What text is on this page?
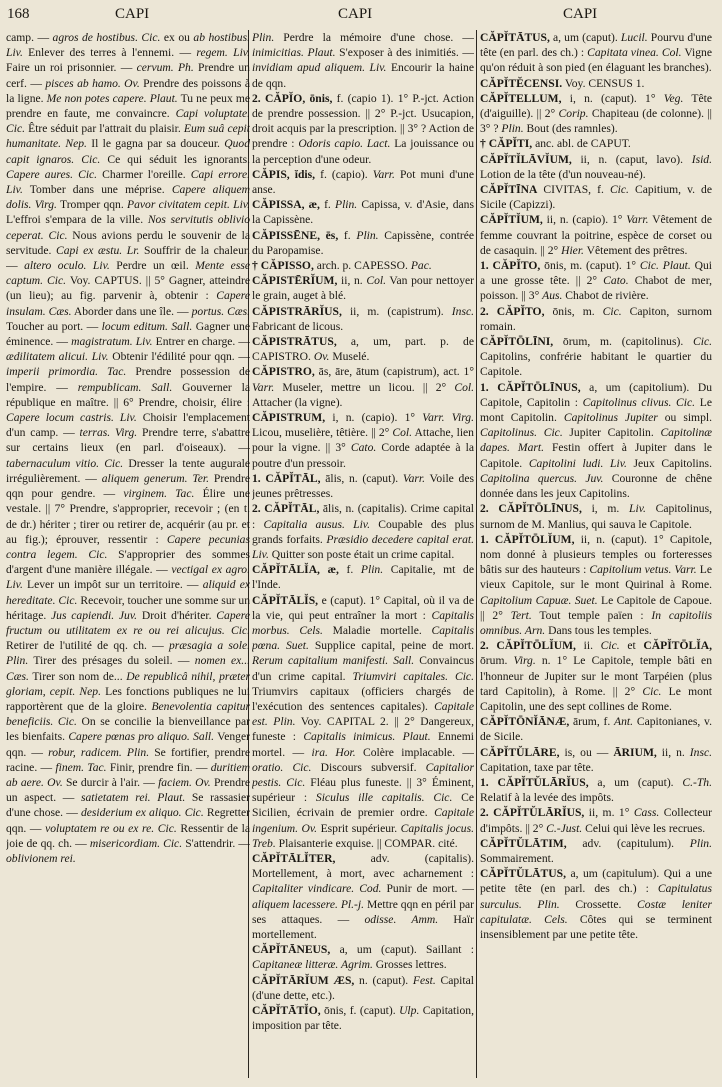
168	CAPI	CAPI	CAPI
camp. — agros de hostibus. Cic. ex ou ab hostibus. Liv. Enlever des terres à l'ennemi. — regem. Liv. Faire un roi prisonnier. — cervum. Ph. Prendre un cerf. — pisces ab hamo. Ov. Prendre des poissons à la ligne. Me non potes capere. Plaut. Tu ne peux me prendre en faute, me convaincre. Capi voluptate. Cic. Être séduit par l'attrait du plaisir. Eum suâ cepit humanitate. Nep. Il le gagna par sa douceur. Quod capit ignaros. Cic. Ce qui séduit les ignorants. Capere aures. Cic. Charmer l'oreille. Capi errore. Liv. Tomber dans une méprise. Capere aliquem dolis. Virg. Tromper qqn. Pavor civitatem cepit. Liv. L'effroi s'empara de la ville. Nos servitutis oblivio ceperat. Cic. Nous avions perdu le souvenir de la servitude. Capi ex æstu. Lr. Souffrir de la chaleur. — altero oculo. Liv. Perdre un œil. Mente esse captum. Cic. Voy. CAPTUS. || 5° Gagner, atteindre (un lieu); au fig. parvenir à, obtenir : Capere insulam. Cæs. Aborder dans une île. — portus. Cæs. Toucher au port. — locum editum. Sall. Gagner une éminence. — magistratum. Liv. Entrer en charge. — ædilitatem alicui. Liv. Obtenir l'édilité pour qqn. — imperii primordia. Tac. Prendre possession de l'empire. — rempublicam. Sall. Gouverner la république en maître. || 6° Prendre, choisir, élire : Capere locum castris. Liv. Choisir l'emplacement d'un camp. — terras. Virg. Prendre terre, s'abattre sur certains lieux (en parl. d'oiseaux). — tabernaculum vitio. Cic. Dresser la tente augurale irrégulièrement. — aliquem generum. Ter. Prendre qqn pour gendre. — virginem. Tac. Élire une vestale. || 7° Prendre, s'approprier, recevoir ; (en t. de dr.) hériter ; tirer ou retirer de, acquérir (au pr. et au fig.); éprouver, ressentir : Capere pecunias contra legem. Cic. S'approprier des sommes d'argent d'une manière illégale. — vectigal ex agro. Liv. Lever un impôt sur un territoire. — aliquid ex hereditate. Cic. Recevoir, toucher une somme sur un héritage. Jus capiendi. Juv. Droit d'hériter. Capere fructum ou utilitatem ex re ou rei alicujus. Cic. Retirer de l'utilité de qq. ch. — præsagia a sole. Plin. Tirer des présages du soleil. — nomen ex... Cæs. Tirer son nom de... De republicâ nihil, præter gloriam, cepit. Nep. Les fonctions publiques ne lui rapportèrent que de la gloire. Benevolentia capitur beneficiis. Cic. On se concilie la bienveillance par les bienfaits. Capere pœnas pro aliquo. Sall. Venger qqn. — robur, radicem. Plin. Se fortifier, prendre racine. — finem. Tac. Finir, prendre fin. — duritiem ab aere. Ov. Se durcir à l'air. — faciem. Ov. Prendre un aspect. — satietatem rei. Plaut. Se rassasier d'une chose. — desiderium ex aliquo. Cic. Regretter qqn. — voluptatem re ou ex re. Cic. Ressentir de la joie de qq. ch. — misericordiam. Cic. S'attendrir. — oblivionem rei.
Plin. Perdre la mémoire d'une chose. — inimicitias. Plaut. S'exposer à des inimitiés. — invidiam apud aliquem. Liv. Encourir la haine de qqn.
2. CĂPĬO, ōnis, f. (capio 1). 1° P.-jct. Action de prendre possession. || 2° P.-jct. Usucapion, droit acquis par la prescription. || 3° ? Action de prendre : Odoris capio. Lact. La jouissance ou la perception d'une odeur.
CĂPIS, ĭdis, f. (capio). Varr. Pot muni d'une anse.
CĂPISSA, æ, f. Plin. Capissa, v. d'Asie, dans la Capissène.
CĂPISSĒNE, ēs, f. Plin. Capissène, contrée du Paropamise.
† CĂPISSO, arch. p. CAPESSO. Pac.
CĂPISTĒRĬUM, ii, n. Col. Van pour nettoyer le grain, auget à blé.
CĂPISTRĀRĬUS, ii, m. (capistrum). Insc. Fabricant de licous.
CĂPISTRĀTUS, a, um, part. p. de CAPISTRO. Ov. Muselé.
CĂPISTRO, ās, āre, ātum (capistrum), act. 1° Varr. Museler, mettre un licou. || 2° Col. Attacher (la vigne).
CĂPISTRUM, i, n. (capio). 1° Varr. Virg. Licou, muselière, têtière. || 2° Col. Attache, lien pour la vigne. || 3° Cato. Corde adaptée à la poutre d'un pressoir.
1. CĂPĬTĀL, ālis, n. (caput). Varr. Voile des jeunes prêtresses.
2. CĂPĬTĀL, ālis, n. (capitalis). Crime capital : Capitalia ausus. Liv. Coupable des plus grands forfaits. Præsidio decedere capital erat. Liv. Quitter son poste était un crime capital.
CĂPĬTĀLĬA, æ, f. Plin. Capitalie, mt de l'Inde.
CĂPĬTĀLĬS, e (caput). 1° Capital, où il va de la vie, qui peut entraîner la mort : Capitalis morbus. Cels. Maladie mortelle. Capitalis pœna. Suet. Supplice capital, peine de mort. Rerum capitalium manifesti. Sall. Convaincus d'un crime capital. Triumviri capitales. Cic. Triumvirs capitaux (officiers chargés de l'exécution des sentences capitales). Capitale est. Plin. Voy. CAPITAL 2. || 2° Dangereux, funeste : Capitalis inimicus. Plaut. Ennemi mortel. — ira. Hor. Colère implacable. — oratio. Cic. Discours subversif. Capitalior pestis. Cic. Fléau plus funeste. || 3° Éminent, supérieur : Siculus ille capitalis. Cic. Ce Sicilien, écrivain de premier ordre. Capitale ingenium. Ov. Esprit supérieur. Capitalis jocus. Treb. Plaisanterie exquise. || COMPAR. cité.
CĂPĬTĀLĬTER, adv. (capitalis). Mortellement, à mort, avec acharnement : Capitaliter vindicare. Cod. Punir de mort. — aliquem lacessere. Pl.-j. Mettre qqn en péril par ses attaques. — odisse. Amm. Haïr mortellement.
CĂPĬTĀNEUS, a, um (caput). Saillant : Capitaneæ litteræ. Agrim. Grosses lettres.
CĂPĬTĀRĬUM ÆS, n. (caput). Fest. Capital (d'une dette, etc.).
CĂPĬTĀTĬO, ōnis, f. (caput). Ulp. Capitation, imposition par tête.
CĂPĬTĀTUS, a, um (caput). Lucil. Pourvu d'une tête (en parl. des ch.) : Capitata vinea. Col. Vigne qu'on réduit à son pied (en élaguant les branches).
CĂPĬTĔCENSI. Voy. CENSUS 1.
CĂPĬTELLUM, i, n. (caput). 1° Veg. Tête (d'aiguille). || 2° Corip. Chapiteau (de colonne). || 3° ? Plin. Bout (des ramnles).
† CĂPĬTI, anc. abl. de CAPUT.
CĂPĬTĬLĀVĬUM, ii, n. (caput, lavo). Isid. Lotion de la tête (d'un nouveau-né).
CĂPĬTĪNA CIVITAS, f. Cic. Capitium, v. de Sicile (Capizzi).
CĂPĬTĬUM, ii, n. (capio). 1° Varr. Vêtement de femme couvrant la poitrine, espèce de corset ou de casaquin. || 2° Hier. Vêtement des prêtres.
1. CĂPĬTO, ōnis, m. (caput). 1° Cic. Plaut. Qui a une grosse tête. || 2° Cato. Chabot de mer, poisson. || 3° Aus. Chabot de rivière.
2. CĂPĬTO, ōnis, m. Cic. Capiton, surnom romain.
CĂPĬTŌLĪNI, ōrum, m. (capitolinus). Cic. Capitolins, confrérie habitant le quartier du Capitole.
1. CĂPĬTŌLĪNUS, a, um (capitolium). Du Capitole, Capitolin : Capitolinus clivus. Cic. Le mont Capitolin. Capitolinus Jupiter ou simpl. Capitolinus. Cic. Jupiter Capitolin. Capitolinæ dapes. Mart. Festin offert à Jupiter dans le Capitole. Capitolini ludi. Liv. Jeux Capitolins. Capitolina quercus. Juv. Couronne de chêne donnée dans les jeux Capitolins.
2. CĂPĬTŌLĪNUS, i, m. Liv. Capitolinus, surnom de M. Manlius, qui sauva le Capitole.
1. CĂPĬTŌLĬUM, ii, n. (caput). 1° Capitole, nom donné à plusieurs temples ou forteresses bâtis sur des hauteurs : Capitolium vetus. Varr. Le vieux Capitole, sur le mont Quirinal à Rome. Capitolium Capuæ. Suet. Le Capitole de Capoue. || 2° Tert. Tout temple païen : In capitoliis omnibus. Arn. Dans tous les temples.
2. CĂPĬTŌLĬUM, ii. Cic. et CĂPĬTŌLĬA, ōrum. Virg. n. 1° Le Capitole, temple bâti en l'honneur de Jupiter sur le mont Tarpéien (plus tard Capitolin), à Rome. || 2° Cic. Le mont Capitolin, une des sept collines de Rome.
CĂPĬTŌNĬĀNÆ, ārum, f. Ant. Capitonianes, v. de Sicile.
CĂPĬTŬLĀRE, is, ou — ĀRIUM, ii, n. Insc. Capitation, taxe par tête.
1. CĂPĬTŬLĀRĬUS, a, um (caput). C.-Th. Relatif à la levée des impôts.
2. CĂPĬTŬLĀRĬUS, ii, m. 1° Cass. Collecteur d'impôts. || 2° C.-Just. Celui qui lève les recrues.
CĂPĬTŬLĀTIM, adv. (capitulum). Plin. Sommairement.
CĂPĬTŬLĀTUS, a, um (capitulum). Qui a une petite tête (en parl. des ch.) : Capitulatus surculus. Plin. Crossette. Costæ leniter capitulatæ. Cels. Côtes qui se terminent insensiblement par une petite tête.
